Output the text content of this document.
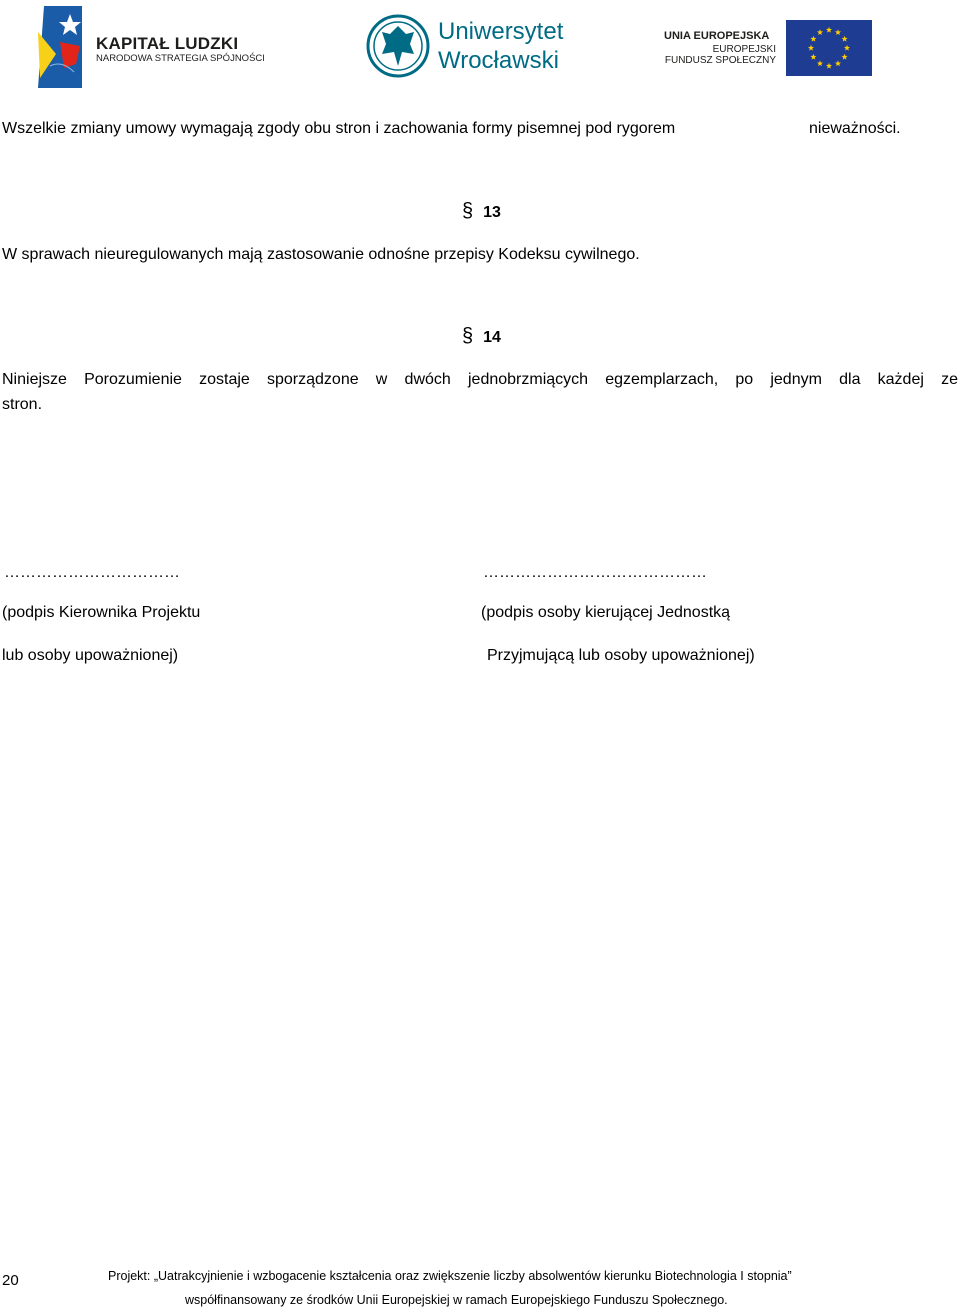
KAPITAŁ LUDZKI
NARODOWA STRATEGIA SPÓJNOŚCI
Uniwersytet
Wrocławski
UNIA EUROPEJSKA
EUROPEJSKI
FUNDUSZ SPOŁECZNY
Wszelkie zmiany umowy wymagają zgody obu stron i zachowania formy pisemnej pod rygorem	nieważności.
§ 13
W sprawach nieuregulowanych mają zastosowanie odnośne przepisy Kodeksu cywilnego.
§ 14
Niniejsze Porozumienie zostaje sporządzone w dwóch jednobrzmiących egzemplarzach, po jednym dla każdej ze
stron.
……………………………
(podpis Kierownika Projektu
lub osoby upoważnionej)
……………………………………
(podpis osoby kierującej Jednostką
Przyjmującą lub osoby upoważnionej)
20	Projekt: „Uatrakcyjnienie i wzbogacenie kształcenia oraz zwiększenie liczby absolwentów kierunku Biotechnologia I stopnia”
współfinansowany ze środków Unii Europejskiej w ramach Europejskiego Funduszu Społecznego.
